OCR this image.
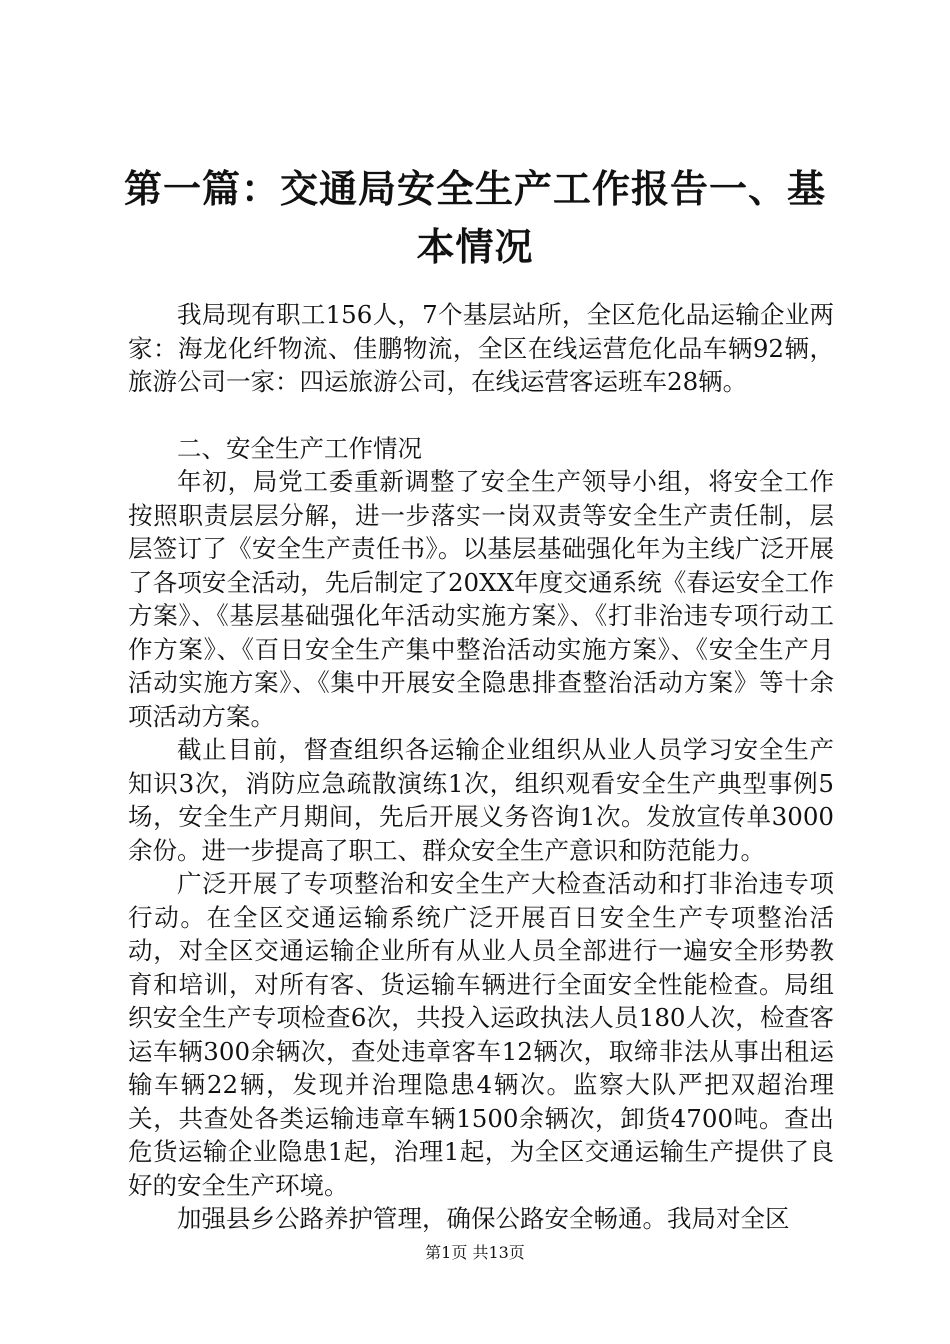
第一篇：交通局安全生产工作报告一、基本情况

我局现有职工156人，7个基层站所，全区危化品运输企业两家：海龙化纤物流、佳鹏物流，全区在线运营危化品车辆92辆，旅游公司一家：四运旅游公司，在线运营客运班车28辆。

二、安全生产工作情况

年初，局党工委重新调整了安全生产领导小组，将安全工作按照职责层层分解，进一步落实一岗双责等安全生产责任制，层层签订了《安全生产责任书》。以基层基础强化年为主线广泛开展了各项安全活动，先后制定了20XX年度交通系统《春运安全工作方案》、《基层基础强化年活动实施方案》、《打非治违专项行动工作方案》、《百日安全生产集中整治活动实施方案》、《安全生产月活动实施方案》、《集中开展安全隐患排查整治活动方案》等十余项活动方案。

截止目前，督查组织各运输企业组织从业人员学习安全生产知识3次，消防应急疏散演练1次，组织观看安全生产典型事例5场，安全生产月期间，先后开展义务咨询1次。发放宣传单3000余份。进一步提高了职工、群众安全生产意识和防范能力。

广泛开展了专项整治和安全生产大检查活动和打非治违专项行动。在全区交通运输系统广泛开展百日安全生产专项整治活动，对全区交通运输企业所有从业人员全部进行一遍安全形势教育和培训，对所有客、货运输车辆进行全面安全性能检查。局组织安全生产专项检查6次，共投入运政执法人员180人次，检查客运车辆300余辆次，查处违章客车12辆次，取缔非法从事出租运输车辆22辆，发现并治理隐患4辆次。监察大队严把双超治理关，共查处各类运输违章车辆1500余辆次，卸货4700吨。查出危货运输企业隐患1起，治理1起，为全区交通运输生产提供了良好的安全生产环境。

加强县乡公路养护管理，确保公路安全畅通。我局对全区

第1页 共13页
